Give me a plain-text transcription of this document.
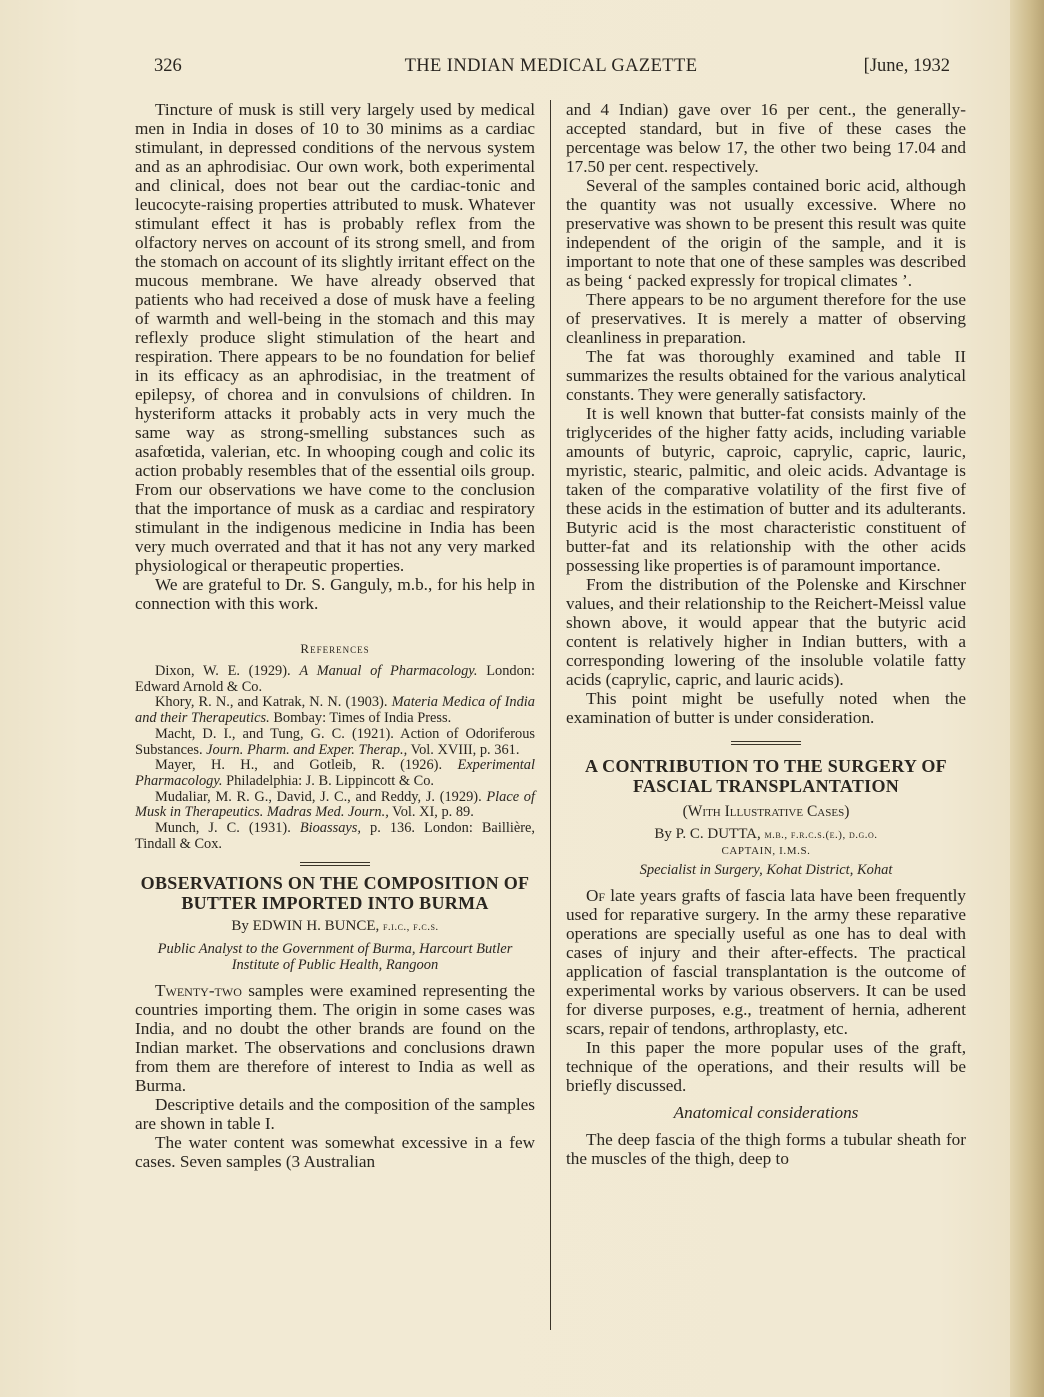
326	THE INDIAN MEDICAL GAZETTE	[June, 1932

Tincture of musk is still very largely used by medical men in India in doses of 10 to 30 minims as a cardiac stimulant, in depressed conditions of the nervous system and as an aphrodisiac. Our own work, both experimental and clinical, does not bear out the cardiac-tonic and leucocyte-raising properties attributed to musk. Whatever stimulant effect it has is probably reflex from the olfactory nerves on account of its strong smell, and from the stomach on account of its slightly irritant effect on the mucous membrane. We have already observed that patients who had received a dose of musk have a feeling of warmth and well-being in the stomach and this may reflexly produce slight stimulation of the heart and respiration. There appears to be no foundation for belief in its efficacy as an aphrodisiac, in the treatment of epilepsy, of chorea and in convulsions of children. In hysteriform attacks it probably acts in very much the same way as strong-smelling substances such as asafœtida, valerian, etc. In whooping cough and colic its action probably resembles that of the essential oils group. From our observations we have come to the conclusion that the importance of musk as a cardiac and respiratory stimulant in the indigenous medicine in India has been very much overrated and that it has not any very marked physiological or therapeutic properties.

We are grateful to Dr. S. Ganguly, m.b., for his help in connection with this work.

References

Dixon, W. E. (1929). A Manual of Pharmacology. London: Edward Arnold & Co.

Khory, R. N., and Katrak, N. N. (1903). Materia Medica of India and their Therapeutics. Bombay: Times of India Press.

Macht, D. I., and Tung, G. C. (1921). Action of Odoriferous Substances. Journ. Pharm. and Exper. Therap., Vol. XVIII, p. 361.

Mayer, H. H., and Gotleib, R. (1926). Experimental Pharmacology. Philadelphia: J. B. Lippincott & Co.

Mudaliar, M. R. G., David, J. C., and Reddy, J. (1929). Place of Musk in Therapeutics. Madras Med. Journ., Vol. XI, p. 89.

Munch, J. C. (1931). Bioassays, p. 136. London: Baillière, Tindall & Cox.

OBSERVATIONS ON THE COMPOSITION OF BUTTER IMPORTED INTO BURMA
By EDWIN H. BUNCE, f.i.c., f.c.s.
Public Analyst to the Government of Burma, Harcourt Butler Institute of Public Health, Rangoon

Twenty-two samples were examined representing the countries importing them. The origin in some cases was India, and no doubt the other brands are found on the Indian market. The observations and conclusions drawn from them are therefore of interest to India as well as Burma.

Descriptive details and the composition of the samples are shown in table I.

The water content was somewhat excessive in a few cases. Seven samples (3 Australian

and 4 Indian) gave over 16 per cent., the generally-accepted standard, but in five of these cases the percentage was below 17, the other two being 17.04 and 17.50 per cent. respectively.

Several of the samples contained boric acid, although the quantity was not usually excessive. Where no preservative was shown to be present this result was quite independent of the origin of the sample, and it is important to note that one of these samples was described as being ‘ packed expressly for tropical climates ’.

There appears to be no argument therefore for the use of preservatives. It is merely a matter of observing cleanliness in preparation.

The fat was thoroughly examined and table II summarizes the results obtained for the various analytical constants. They were generally satisfactory.

It is well known that butter-fat consists mainly of the triglycerides of the higher fatty acids, including variable amounts of butyric, caproic, caprylic, capric, lauric, myristic, stearic, palmitic, and oleic acids. Advantage is taken of the comparative volatility of the first five of these acids in the estimation of butter and its adulterants. Butyric acid is the most characteristic constituent of butter-fat and its relationship with the other acids possessing like properties is of paramount importance.

From the distribution of the Polenske and Kirschner values, and their relationship to the Reichert-Meissl value shown above, it would appear that the butyric acid content is relatively higher in Indian butters, with a corresponding lowering of the insoluble volatile fatty acids (caprylic, capric, and lauric acids).

This point might be usefully noted when the examination of butter is under consideration.

A CONTRIBUTION TO THE SURGERY OF FASCIAL TRANSPLANTATION
(With Illustrative Cases)
By P. C. DUTTA, m.b., f.r.c.s.(e.), d.g.o.
CAPTAIN, I.M.S.
Specialist in Surgery, Kohat District, Kohat

Of late years grafts of fascia lata have been frequently used for reparative surgery. In the army these reparative operations are specially useful as one has to deal with cases of injury and their after-effects. The practical application of fascial transplantation is the outcome of experimental works by various observers. It can be used for diverse purposes, e.g., treatment of hernia, adherent scars, repair of tendons, arthroplasty, etc.

In this paper the more popular uses of the graft, technique of the operations, and their results will be briefly discussed.

Anatomical considerations

The deep fascia of the thigh forms a tubular sheath for the muscles of the thigh, deep to
